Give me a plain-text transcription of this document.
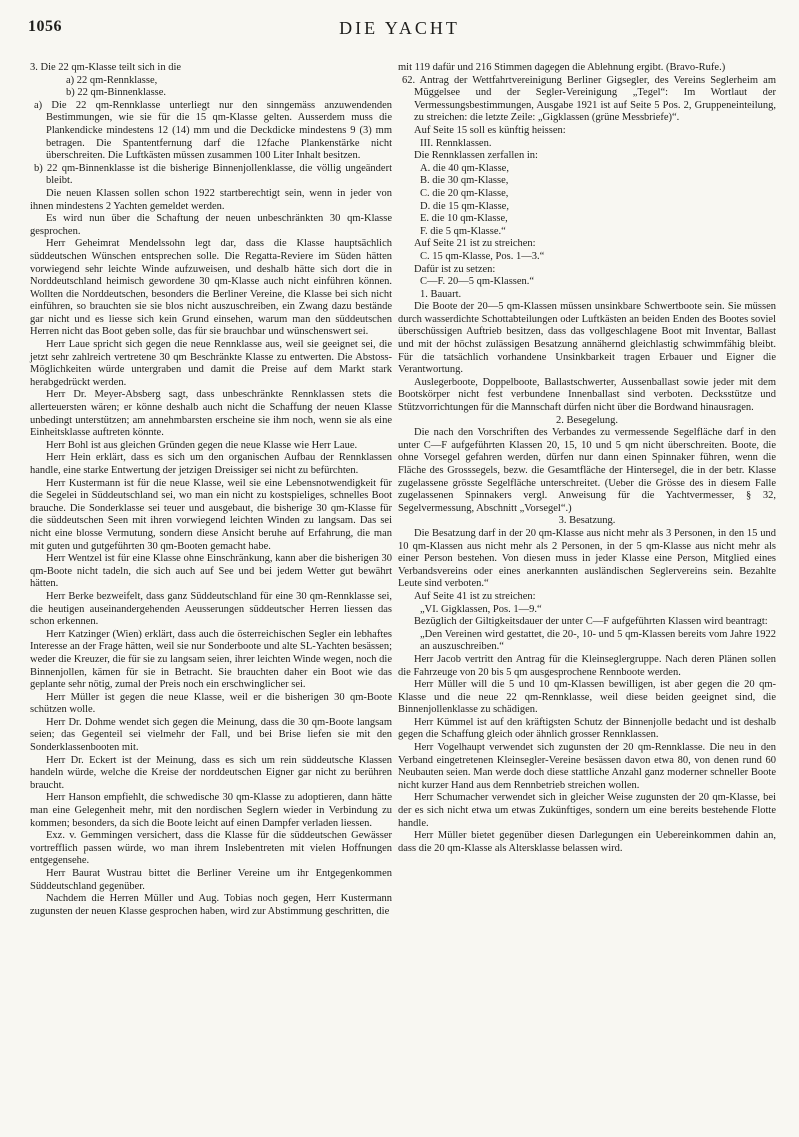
1056	DIE YACHT

3. Die 22 qm-Klasse teilt sich in die

a) 22 qm-Rennklasse,

b) 22 qm-Binnenklasse.

a) Die 22 qm-Rennklasse unterliegt nur den sinngemäss anzuwendenden Bestimmungen, wie sie für die 15 qm-Klasse gelten. Ausserdem muss die Plankendicke mindestens 12 (14) mm und die Deckdicke mindestens 9 (3) mm betragen. Die Spantentfernung darf die 12fache Plankenstärke nicht überschreiten. Die Luftkästen müssen zusammen 100 Liter Inhalt besitzen.

b) 22 qm-Binnenklasse ist die bisherige Binnenjollenklasse, die völlig ungeändert bleibt.

Die neuen Klassen sollen schon 1922 startberechtigt sein, wenn in jeder von ihnen mindestens 2 Yachten gemeldet werden.

Es wird nun über die Schaftung der neuen unbeschränkten 30 qm-Klasse gesprochen.

Herr Geheimrat Mendelssohn legt dar, dass die Klasse hauptsächlich süddeutschen Wünschen entsprechen solle. Die Regatta-Reviere im Süden hätten vorwiegend sehr leichte Winde aufzuweisen, und deshalb hätte sich dort die in Norddeutschland heimisch gewordene 30 qm-Klasse auch nicht einführen können. Wollten die Norddeutschen, besonders die Berliner Vereine, die Klasse bei sich nicht einführen, so brauchten sie sie blos nicht auszuschreiben, ein Zwang dazu bestände gar nicht und es liesse sich kein Grund einsehen, warum man den süddeutschen Herren nicht das Boot geben solle, das für sie brauchbar und wünschenswert sei.

Herr Laue spricht sich gegen die neue Rennklasse aus, weil sie geeignet sei, die jetzt sehr zahlreich vertretene 30 qm Beschränkte Klasse zu entwerten. Die Abstoss-Möglichkeiten würde untergraben und damit die Preise auf dem Markt stark herabgedrückt werden.

Herr Dr. Meyer-Absberg sagt, dass unbeschränkte Rennklassen stets die allerteuersten wären; er könne deshalb auch nicht die Schaffung der neuen Klasse unbedingt unterstützen; am annehmbarsten erscheine sie ihm noch, wenn sie als eine Einheitsklasse auftreten könnte.

Herr Bohl ist aus gleichen Gründen gegen die neue Klasse wie Herr Laue.

Herr Hein erklärt, dass es sich um den organischen Aufbau der Rennklassen handle, eine starke Entwertung der jetzigen Dreissiger sei nicht zu befürchten.

Herr Kustermann ist für die neue Klasse, weil sie eine Lebensnotwendigkeit für die Segelei in Süddeutschland sei, wo man ein nicht zu kostspieliges, schnelles Boot brauche. Die Sonderklasse sei teuer und ausgebaut, die bisherige 30 qm-Klasse für die süddeutschen Seen mit ihren vorwiegend leichten Winden zu langsam. Das sei nicht eine blosse Vermutung, sondern diese Ansicht beruhe auf Erfahrung, die man mit guten und gutgeführten 30 qm-Booten gemacht habe.

Herr Wentzel ist für eine Klasse ohne Einschränkung, kann aber die bisherigen 30 qm-Boote nicht tadeln, die sich auch auf See und bei jedem Wetter gut bewährt hätten.

Herr Berke bezweifelt, dass ganz Süddeutschland für eine 30 qm-Rennklasse sei, die heutigen auseinandergehenden Aeusserungen süddeutscher Herren liessen das schon erkennen.

Herr Katzinger (Wien) erklärt, dass auch die österreichischen Segler ein lebhaftes Interesse an der Frage hätten, weil sie nur Sonderboote und alte SL-Yachten besässen; weder die Kreuzer, die für sie zu langsam seien, ihrer leichten Winde wegen, noch die Binnenjollen, kämen für sie in Betracht. Sie brauchten daher ein Boot wie das geplante sehr nötig, zumal der Preis noch ein erschwinglicher sei.

Herr Müller ist gegen die neue Klasse, weil er die bisherigen 30 qm-Boote schützen wolle.

Herr Dr. Dohme wendet sich gegen die Meinung, dass die 30 qm-Boote langsam seien; das Gegenteil sei vielmehr der Fall, und bei Brise liefen sie mit den Sonderklassenbooten mit.

Herr Dr. Eckert ist der Meinung, dass es sich um rein süddeutsche Klassen handeln würde, welche die Kreise der norddeutschen Eigner gar nicht zu berühren braucht.

Herr Hanson empfiehlt, die schwedische 30 qm-Klasse zu adoptieren, dann hätte man eine Gelegenheit mehr, mit den nordischen Seglern wieder in Verbindung zu kommen; besonders, da sich die Boote leicht auf einen Dampfer verladen liessen.

Exz. v. Gemmingen versichert, dass die Klasse für die süddeutschen Gewässer vortrefflich passen würde, wo man ihrem Inslebentreten mit vielen Hoffnungen entgegensehe.

Herr Baurat Wustrau bittet die Berliner Vereine um ihr Entgegenkommen Süddeutschland gegenüber.

Nachdem die Herren Müller und Aug. Tobias noch gegen, Herr Kustermann zugunsten der neuen Klasse gesprochen haben, wird zur Abstimmung geschritten, die

mit 119 dafür und 216 Stimmen dagegen die Ablehnung ergibt. (Bravo-Rufe.)

62. Antrag der Wettfahrtvereinigung Berliner Gigsegler, des Vereins Seglerheim am Müggelsee und der Segler-Vereinigung „Tegel“: Im Wortlaut der Vermessungsbestimmungen, Ausgabe 1921 ist auf Seite 5 Pos. 2, Gruppeneinteilung, zu streichen: die letzte Zeile: „Gigklassen (grüne Messbriefe)“.

Auf Seite 15 soll es künftig heissen:

III. Rennklassen.

Die Rennklassen zerfallen in:

A. die 40 qm-Klasse,

B. die 30 qm-Klasse,

C. die 20 qm-Klasse,

D. die 15 qm-Klasse,

E. die 10 qm-Klasse,

F. die 5 qm-Klasse.“

Auf Seite 21 ist zu streichen:

C. 15 qm-Klasse, Pos. 1—3.“

Dafür ist zu setzen:

C—F. 20—5 qm-Klassen.“

1. Bauart.

Die Boote der 20—5 qm-Klassen müssen unsinkbare Schwertboote sein. Sie müssen durch wasserdichte Schottabteilungen oder Luftkästen an beiden Enden des Bootes soviel überschüssigen Auftrieb besitzen, dass das vollgeschlagene Boot mit Inventar, Ballast und mit der höchst zulässigen Besatzung annähernd gleichlastig schwimmfähig bleibt. Für die tatsächlich vorhandene Unsinkbarkeit tragen Erbauer und Eigner die Verantwortung.

Auslegerboote, Doppelboote, Ballastschwerter, Aussenballast sowie jeder mit dem Bootskörper nicht fest verbundene Innenballast sind verboten. Decksstütze und Stützvorrichtungen für die Mannschaft dürfen nicht über die Bordwand hinausragen.

2. Besegelung.

Die nach den Vorschriften des Verbandes zu vermessende Segelfläche darf in den unter C—F aufgeführten Klassen 20, 15, 10 und 5 qm nicht überschreiten. Boote, die ohne Vorsegel gefahren werden, dürfen nur dann einen Spinnaker führen, wenn die Fläche des Grosssegels, bezw. die Gesamtfläche der Hintersegel, die in der betr. Klasse zugelassene grösste Segelfläche unterschreitet. (Ueber die Grösse des in diesem Falle zugelassenen Spinnakers vergl. Anweisung für die Yachtvermesser, § 32, Segelvermessung, Abschnitt „Vorsegel“.)

3. Besatzung.

Die Besatzung darf in der 20 qm-Klasse aus nicht mehr als 3 Personen, in den 15 und 10 qm-Klassen aus nicht mehr als 2 Personen, in der 5 qm-Klasse aus nicht mehr als einer Person bestehen. Von diesen muss in jeder Klasse eine Person, Mitglied eines Verbandsvereins oder eines anerkannten ausländischen Seglervereins sein. Bezahlte Leute sind verboten.“

Auf Seite 41 ist zu streichen:

„VI. Gigklassen, Pos. 1—9.“

Bezüglich der Giltigkeitsdauer der unter C—F aufgeführten Klassen wird beantragt:

„Den Vereinen wird gestattet, die 20-, 10- und 5 qm-Klassen bereits vom Jahre 1922 an auszuschreiben.“

Herr Jacob vertritt den Antrag für die Kleinseglergruppe. Nach deren Plänen sollen die Fahrzeuge von 20 bis 5 qm ausgesprochene Rennboote werden.

Herr Müller will die 5 und 10 qm-Klassen bewilligen, ist aber gegen die 20 qm-Klasse und die neue 22 qm-Rennklasse, weil diese beiden geeignet sind, die Binnenjollenklasse zu schädigen.

Herr Kümmel ist auf den kräftigsten Schutz der Binnenjolle bedacht und ist deshalb gegen die Schaffung gleich oder ähnlich grosser Rennklassen.

Herr Vogelhaupt verwendet sich zugunsten der 20 qm-Rennklasse. Die neu in den Verband eingetretenen Kleinsegler-Vereine besässen davon etwa 80, von denen rund 60 Neubauten seien. Man werde doch diese stattliche Anzahl ganz moderner schneller Boote nicht kurzer Hand aus dem Rennbetrieb streichen wollen.

Herr Schumacher verwendet sich in gleicher Weise zugunsten der 20 qm-Klasse, bei der es sich nicht etwa um etwas Zukünftiges, sondern um eine bereits bestehende Flotte handle.

Herr Müller bietet gegenüber diesen Darlegungen ein Uebereinkommen dahin an, dass die 20 qm-Klasse als Altersklasse belassen wird.
